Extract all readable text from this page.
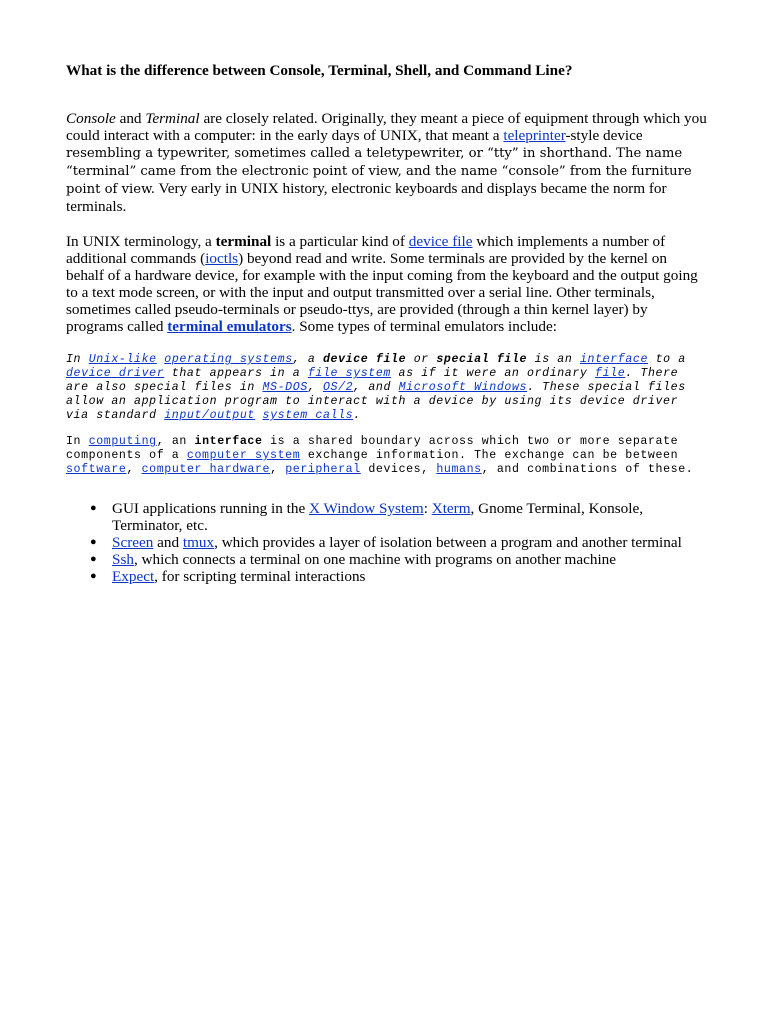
What is the difference between Console, Terminal, Shell, and Command Line?

Console and Terminal are closely related. Originally, they meant a piece of equipment through which you could interact with a computer: in the early days of UNIX, that meant a teleprinter-style device resembling a typewriter, sometimes called a teletypewriter, or “tty” in shorthand. The name “terminal” came from the electronic point of view, and the name “console” from the furniture point of view. Very early in UNIX history, electronic keyboards and displays became the norm for terminals.

In UNIX terminology, a terminal is a particular kind of device file which implements a number of additional commands (ioctls) beyond read and write. Some terminals are provided by the kernel on behalf of a hardware device, for example with the input coming from the keyboard and the output going to a text mode screen, or with the input and output transmitted over a serial line. Other terminals, sometimes called pseudo-terminals or pseudo-ttys, are provided (through a thin kernel layer) by programs called terminal emulators. Some types of terminal emulators include:

In Unix-like operating systems, a device file or special file is an interface to a device driver that appears in a file system as if it were an ordinary file. There are also special files in MS-DOS, OS/2, and Microsoft Windows. These special files allow an application program to interact with a device by using its device driver via standard input/output system calls.

In computing, an interface is a shared boundary across which two or more separate components of a computer system exchange information. The exchange can be between software, computer hardware, peripheral devices, humans, and combinations of these.

● GUI applications running in the X Window System: Xterm, Gnome Terminal, Konsole, Terminator, etc.
● Screen and tmux, which provides a layer of isolation between a program and another terminal
● Ssh, which connects a terminal on one machine with programs on another machine
● Expect, for scripting terminal interactions
